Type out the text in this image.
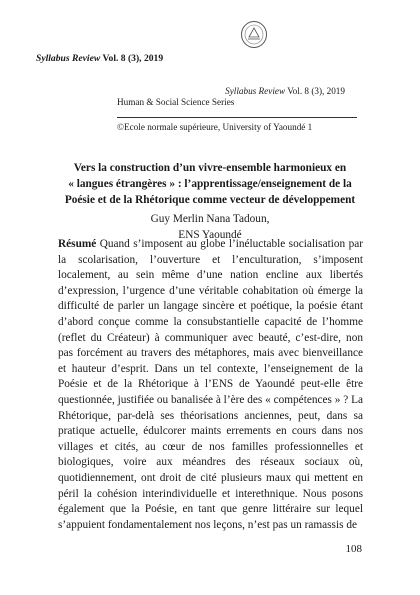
Syllabus Review Vol. 8 (3), 2019
Syllabus Review Vol. 8 (3), 2019
Human & Social Science Series
©Ecole normale supérieure, University of Yaoundé 1
Vers la construction d’un vivre-ensemble harmonieux en
« langues étrangères » : l’apprentissage/enseignement de la
Poésie et de la Rhétorique comme vecteur de développement
Guy Merlin Nana Tadoun,
ENS Yaoundé

Résumé Quand s’imposent au globe l’inéluctable socialisation par la scolarisation, l’ouverture et l’enculturation, s’imposent localement, au sein même d’une nation encline aux libertés d’expression, l’urgence d’une véritable cohabitation où émerge la difficulté de parler un langage sincère et poétique, la poésie étant d’abord conçue comme la consubstantielle capacité de l’homme (reflet du Créateur) à communiquer avec beauté, c’est-dire, non pas forcément au travers des métaphores, mais avec bienveillance et hauteur d’esprit. Dans un tel contexte, l’enseignement de la Poésie et de la Rhétorique à l’ENS de Yaoundé peut-elle être questionnée, justifiée ou banalisée à l’ère des « compétences » ? La Rhétorique, par-delà ses théorisations anciennes, peut, dans sa pratique actuelle, édulcorer maints errements en cours dans nos villages et cités, au cœur de nos familles professionnelles et biologiques, voire aux méandres des réseaux sociaux où, quotidiennement, ont droit de cité plusieurs maux qui mettent en péril la cohésion interindividuelle et interethnique. Nous posons également que la Poésie, en tant que genre littéraire sur lequel s’appuient fondamentalement nos leçons, n’est pas un ramassis de

108
